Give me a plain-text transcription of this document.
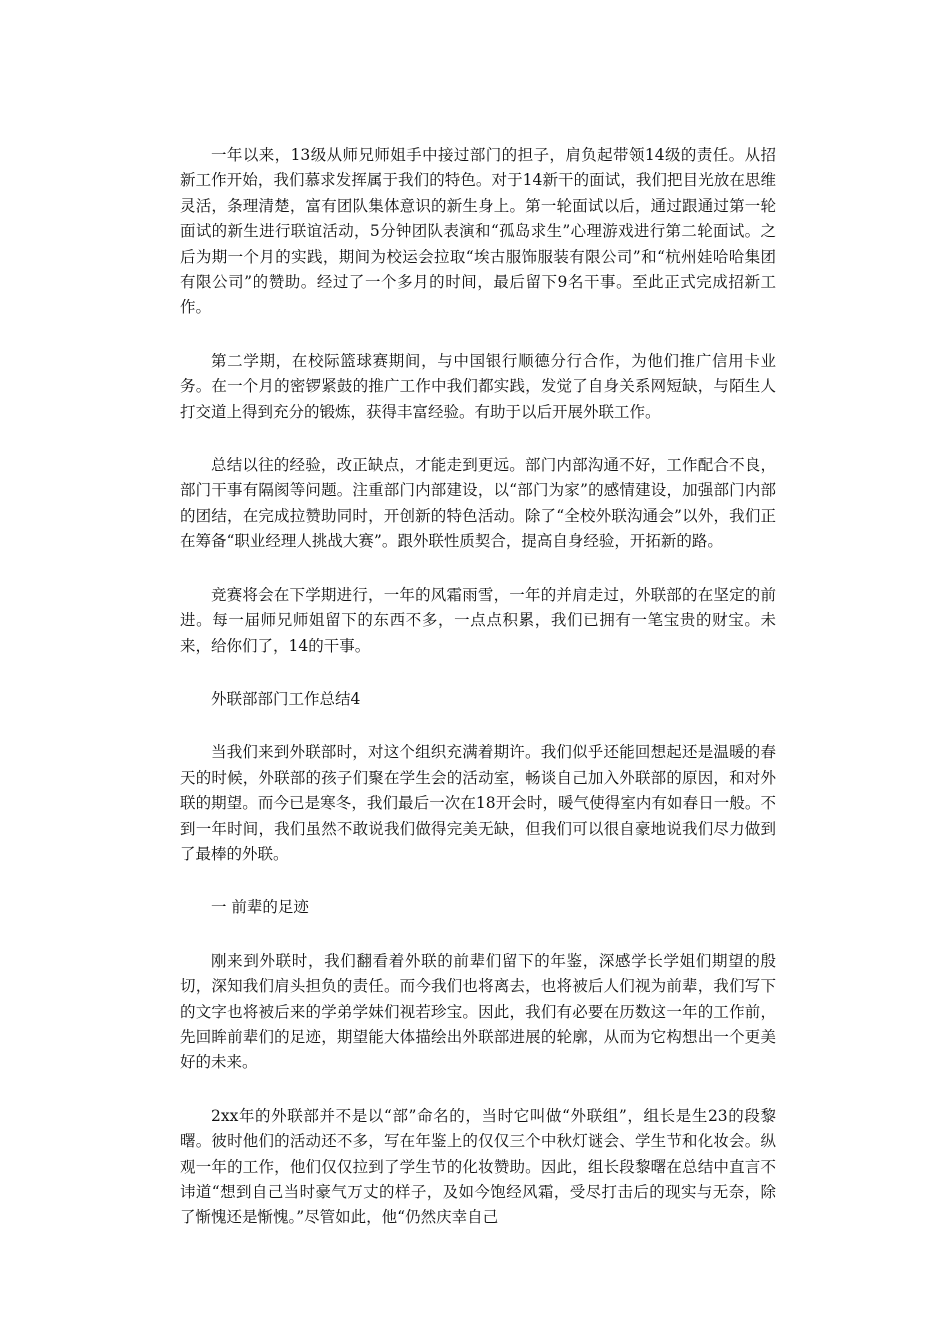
一年以来，13级从师兄师姐手中接过部门的担子，肩负起带领14级的责任。从招新工作开始，我们慕求发挥属于我们的特色。对于14新干的面试，我们把目光放在思维灵活，条理清楚，富有团队集体意识的新生身上。第一轮面试以后，通过跟通过第一轮面试的新生进行联谊活动，5分钟团队表演和“孤岛求生”心理游戏进行第二轮面试。之后为期一个月的实践，期间为校运会拉取“埃古服饰服装有限公司”和“杭州娃哈哈集团有限公司”的赞助。经过了一个多月的时间，最后留下9名干事。至此正式完成招新工作。

第二学期，在校际篮球赛期间，与中国银行顺德分行合作，为他们推广信用卡业务。在一个月的密锣紧鼓的推广工作中我们都实践，发觉了自身关系网短缺，与陌生人打交道上得到充分的锻炼，获得丰富经验。有助于以后开展外联工作。

总结以往的经验，改正缺点，才能走到更远。部门内部沟通不好，工作配合不良，部门干事有隔阂等问题。注重部门内部建设，以“部门为家”的感情建设，加强部门内部的团结，在完成拉赞助同时，开创新的特色活动。除了“全校外联沟通会”以外，我们正在筹备“职业经理人挑战大赛”。跟外联性质契合，提高自身经验，开拓新的路。

竞赛将会在下学期进行，一年的风霜雨雪，一年的并肩走过，外联部的在坚定的前进。每一届师兄师姐留下的东西不多，一点点积累，我们已拥有一笔宝贵的财宝。未来，给你们了，14的干事。

外联部部门工作总结4

当我们来到外联部时，对这个组织充满着期许。我们似乎还能回想起还是温暖的春天的时候，外联部的孩子们聚在学生会的活动室，畅谈自己加入外联部的原因，和对外联的期望。而今已是寒冬，我们最后一次在18开会时，暖气使得室内有如春日一般。不到一年时间，我们虽然不敢说我们做得完美无缺，但我们可以很自豪地说我们尽力做到了最棒的外联。

一 前辈的足迹

刚来到外联时，我们翻看着外联的前辈们留下的年鉴，深感学长学姐们期望的殷切，深知我们肩头担负的责任。而今我们也将离去，也将被后人们视为前辈，我们写下的文字也将被后来的学弟学妹们视若珍宝。因此，我们有必要在历数这一年的工作前，先回眸前辈们的足迹，期望能大体描绘出外联部进展的轮廓，从而为它构想出一个更美好的未来。

2xx年的外联部并不是以“部”命名的，当时它叫做“外联组”，组长是生23的段黎曙。彼时他们的活动还不多，写在年鉴上的仅仅三个中秋灯谜会、学生节和化妆会。纵观一年的工作，他们仅仅拉到了学生节的化妆赞助。因此，组长段黎曙在总结中直言不讳道“想到自己当时豪气万丈的样子，及如今饱经风霜，受尽打击后的现实与无奈，除了惭愧还是惭愧。”尽管如此，他“仍然庆幸自己
